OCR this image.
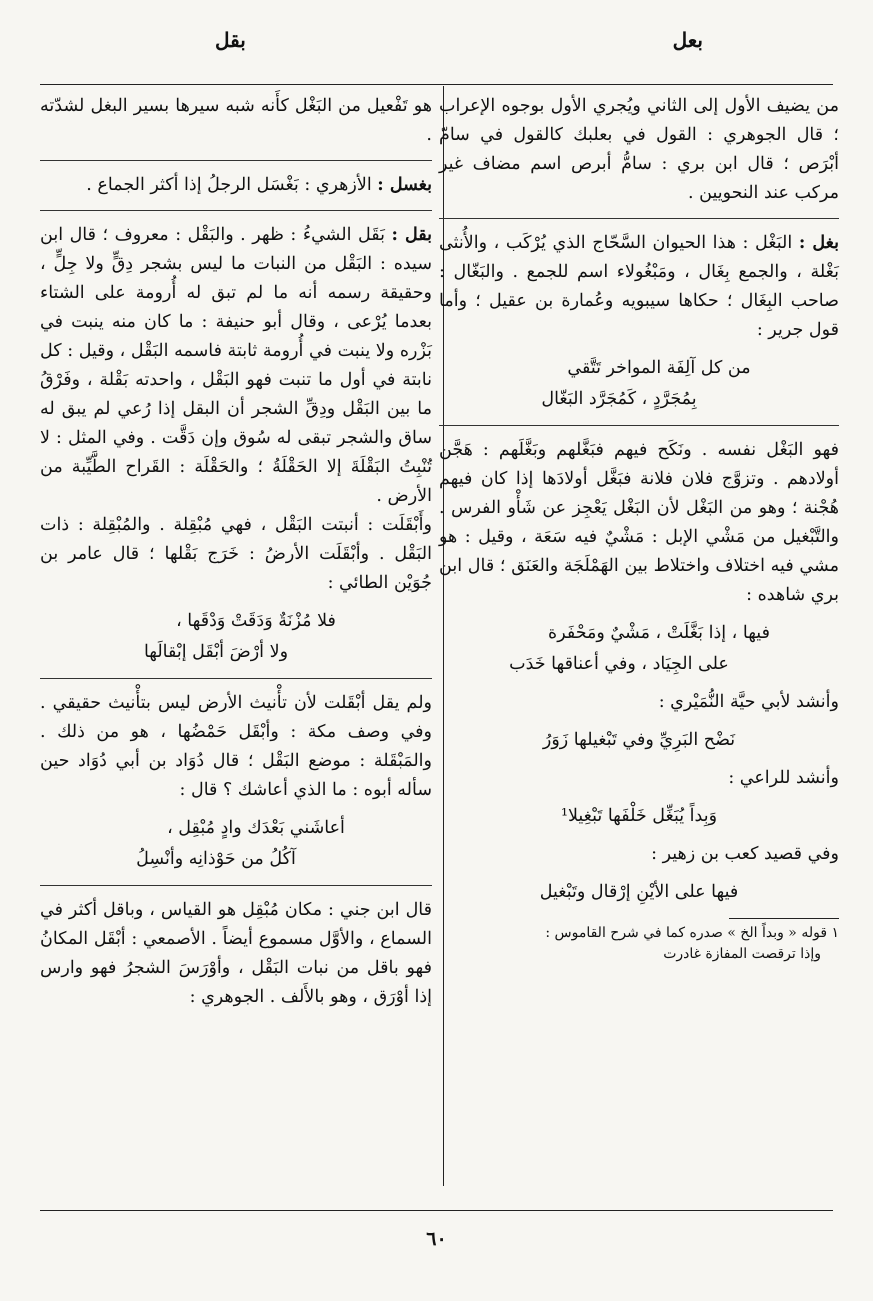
بعل
بقل

من يضيف الأول إلى الثاني ويُجري الأول بوجوه الإعراب ؛ قال الجوهري : القول في بعلبك كالقول في سامّ أبْرَص ؛ قال ابن بري : سامُّ أبرص اسم مضاف غير مركب عند النحويين .

بغل : البَغْل : هذا الحيوان السَّحّاج الذي يُرْكَب ، والأُنثى بَغْلة ، والجمع بِغَال ، ومَبْغُولاء اسم للجمع . والبَغّال : صاحب البِغَال ؛ حكاها سيبويه وعُمارة بن عقيل ؛ وأما قول جرير :

من كل آلِفَة المواخر تَتَّقي
بِمُجَرَّدٍ ، كَمُجَرَّد البَغّال

فهو البَغْل نفسه . ونَكَح فيهم فبَغَّلهم وبَغَّلَهم : هَجَّن أولادهم . وتزوَّج فلان فلانة فبَغَّل أولادَها إذا كان فيهم هُجْنة ؛ وهو من البَغْل لأن البَغْل يَعْجِز عن شَأْو الفرس . والتَّبْغيل من مَشْي الإبل : مَشْيٌ فيه سَعَة ، وقيل : هو مشي فيه اختلاف واختلاط بين الهَمْلَجَة والعَنَق ؛ قال ابن بري شاهده :

فيها ، إذا بَغَّلَتْ ، مَشْيٌ ومَحْفَرة
على الجِيَاد ، وفي أعناقها خَدَب

وأنشد لأبي حيَّة النُّمَيْري :

نَضْح البَرِيِّ وفي تَبْغيلها زَوَرُ

وأنشد للراعي :

وَبِداً يُبَغِّل خَلْفَها تَبْغِيلا¹

وفي قصيد كعب بن زهير :

فيها على الأيْنِ إرْقال وتَبْغيل
١ قوله « وبداً الخ » صدره كما في شرح القاموس :
وإذا ترقصت المفازة غادرت

هو تَفْعيل من البَغْل كأَنه شبه سيرها بسير البغل لشدّته .

بغسل : الأزهري : بَغْسَل الرجلُ إذا أكثر الجماع .

بقل : بَقَل الشيءُ : ظهر . والبَقْل : معروف ؛ قال ابن سيده : البَقْل من النبات ما ليس بشجر دِقٍّ ولا جِلٍّ ، وحقيقة رسمه أنه ما لم تبق له أُرومة على الشتاء بعدما يُرْعى ، وقال أبو حنيفة : ما كان منه ينبت في بَزْره ولا ينبت في أُرومة ثابتة فاسمه البَقْل ، وقيل : كل نابتة في أول ما تنبت فهو البَقْل ، واحدته بَقْلة ، وفَرْقُ ما بين البَقْل ودِقِّ الشجر أن البقل إذا رُعي لم يبق له ساق والشجر تبقى له سُوق وإن دَقَّت . وفي المثل : لا تُنْبِتُ البَقْلَةَ إلا الحَقْلَةُ ؛ والحَقْلَة : القَراح الطَّيِّبة من الأرض .

وأَبْقَلَت : أنبتت البَقْل ، فهي مُبْقِلة . والمُبْقِلة : ذات البَقْل . وأبْقَلَت الأرضُ : خَرَج بَقْلها ؛ قال عامر بن جُوَيْن الطائي :

فلا مُزْنَةٌ وَدَقَتْ وَدْقَها ،
ولا أرْضَ أبْقَل إبْقالَها

ولم يقل أبْقَلت لأن تأْنيث الأرض ليس بتأْنيث حقيقي . وفي وصف مكة : وأبْقَل حَمْضُها ، هو من ذلك . والمَبْقَلة : موضع البَقْل ؛ قال دُوَاد بن أبي دُوَاد حين سأله أبوه : ما الذي أعاشك ؟ قال :

أعاشَني بَعْدَك وادٍ مُبْقِل ،
آكُلُ من حَوْذانِه وأنْسِلُ

قال ابن جني : مكان مُبْقِل هو القياس ، وباقل أكثر في السماع ، والأوَّل مسموع أيضاً . الأصمعي : أبْقَل المكانُ فهو باقل من نبات البَقْل ، وأوْرَسَ الشجرُ فهو وارس إذا أوْرَق ، وهو بالأَلف . الجوهري :

٦٠
